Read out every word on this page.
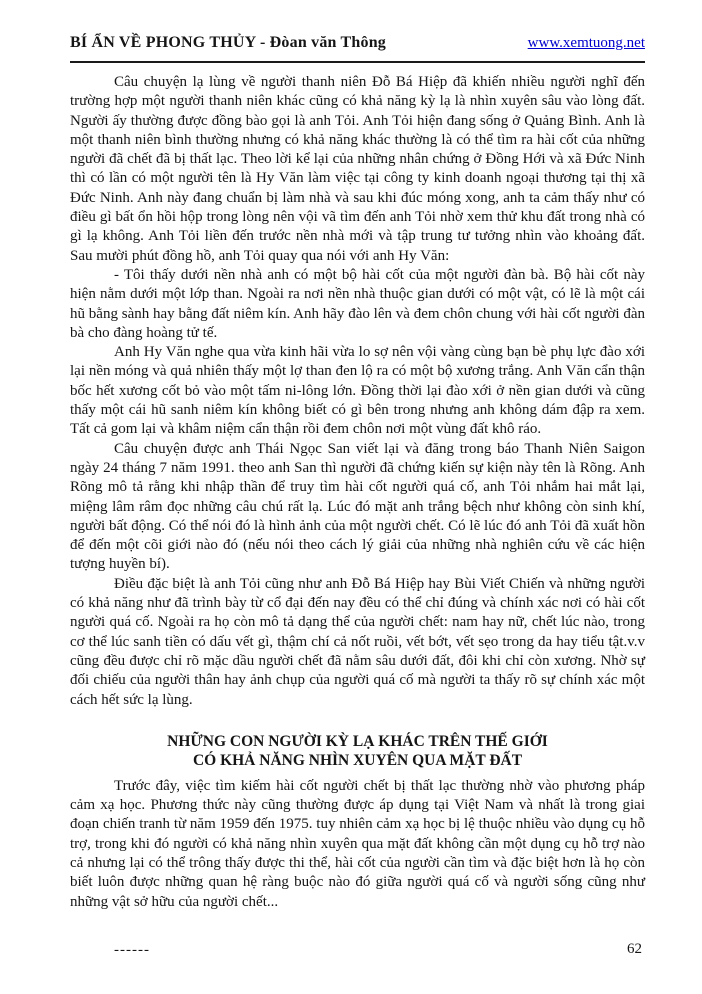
BÍ ẨN VỀ PHONG THỦY - Đòan văn Thông	www.xemtuong.net

Câu chuyện lạ lùng về người thanh niên Đỗ Bá Hiệp đã khiến nhiều người nghĩ đến trường hợp một người thanh niên khác cũng có khả năng kỳ lạ là nhìn xuyên sâu vào lòng đất. Người ấy thường được đồng bào gọi là anh Tỏi. Anh Tỏi hiện đang sống ở Quảng Bình. Anh là một thanh niên bình thường nhưng có khả năng khác thường là có thể tìm ra hài cốt của những người đã chết đã bị thất lạc. Theo lời kể lại của những nhân chứng ở Đồng Hới và xã Đức Ninh thì có lần có một người tên là Hy Văn làm việc tại công ty kinh doanh ngoại thương tại thị xã Đức Ninh. Anh này đang chuẩn bị làm nhà và sau khi đúc móng xong, anh ta cảm thấy như có điều gì bất ổn hồi hộp trong lòng nên vội vã tìm đến anh Tỏi nhờ xem thử khu đất trong nhà có gì lạ không. Anh Tỏi liền đến trước nền nhà mới và tập trung tư tưởng nhìn vào khoảng đất. Sau mười phút đồng hồ, anh Tỏi quay qua nói với anh Hy Văn:

- Tôi thấy dưới nền nhà anh có một bộ hài cốt của một người đàn bà. Bộ hài cốt này hiện nằm dưới một lớp than. Ngoài ra nơi nền nhà thuộc gian dưới có một vật, có lẽ là một cái hũ bằng sành hay bằng đất niêm kín. Anh hãy đào lên và đem chôn chung với hài cốt người đàn bà cho đàng hoàng tử tế.

Anh Hy Văn nghe qua vừa kinh hãi vừa lo sợ nên vội vàng cùng bạn bè phụ lực đào xới lại nền móng và quả nhiên thấy một lợ than đen lộ ra có một bộ xương trắng. Anh Văn cẩn thận bốc hết xương cốt bỏ vào một tấm ni-lông lớn. Đồng thời lại đào xới ở nền gian dưới và cũng thấy một cái hũ sanh niêm kín không biết có gì bên trong nhưng anh không dám đập ra xem. Tất cả gom lại và khâm niệm cẩn thận rồi đem chôn nơi một vùng đất khô ráo.

Câu chuyện được anh Thái Ngọc San viết lại và đăng trong báo Thanh Niên Saigon ngày 24 tháng 7 năm 1991. theo anh San thì người đã chứng kiến sự kiện này tên là Rõng. Anh Rõng mô tả rằng khi nhập thần để truy tìm hài cốt người quá cố, anh Tỏi nhắm hai mắt lại, miệng lâm râm đọc những câu chú rất lạ. Lúc đó mặt anh trắng bệch như không còn sinh khí, người bất động. Có thể nói đó là hình ảnh của một người chết. Có lẽ lúc đó anh Tỏi đã xuất hồn để đến một cõi giới nào đó (nếu nói theo cách lý giải của những nhà nghiên cứu về các hiện tượng huyền bí).

Điều đặc biệt là anh Tỏi cũng như anh Đỗ Bá Hiệp hay Bùi Viết Chiến và những người có khả năng như đã trình bày từ cổ đại đến nay đều có thể chỉ đúng và chính xác nơi có hài cốt người quá cố. Ngoài ra họ còn mô tả dạng thể của người chết: nam hay nữ, chết lúc nào, trong cơ thể lúc sanh tiền có dấu vết gì, thậm chí cả nốt ruồi, vết bớt, vết sẹo trong da hay tiểu tật.v.v cũng đều được chỉ rõ mặc dầu người chết đã nằm sâu dưới đất, đôi khi chỉ còn xương. Nhờ sự đối chiếu của người thân hay ảnh chụp của người quá cố mà người ta thấy rõ sự chính xác một cách hết sức lạ lùng.

NHỮNG CON NGƯỜI KỲ LẠ KHÁC TRÊN THẾ GIỚI
CÓ KHẢ NĂNG NHÌN XUYÊN QUA MẶT ĐẤT

Trước đây, việc tìm kiếm hài cốt người chết bị thất lạc thường nhờ vào phương pháp cảm xạ học. Phương thức này cũng thường được áp dụng tại Việt Nam và nhất là trong giai đoạn chiến tranh từ năm 1959 đến 1975. tuy nhiên cảm xạ học bị lệ thuộc nhiều vào dụng cụ hỗ trợ, trong khi đó người có khả năng nhìn xuyên qua mặt đất không cần một dụng cụ hỗ trợ nào cả nhưng lại có thể trông thấy được thi thể, hài cốt của người cần tìm và đặc biệt hơn là họ còn biết luôn được những quan hệ ràng buộc nào đó giữa người quá cố và người sống cũng như những vật sở hữu của người chết...

------	62
